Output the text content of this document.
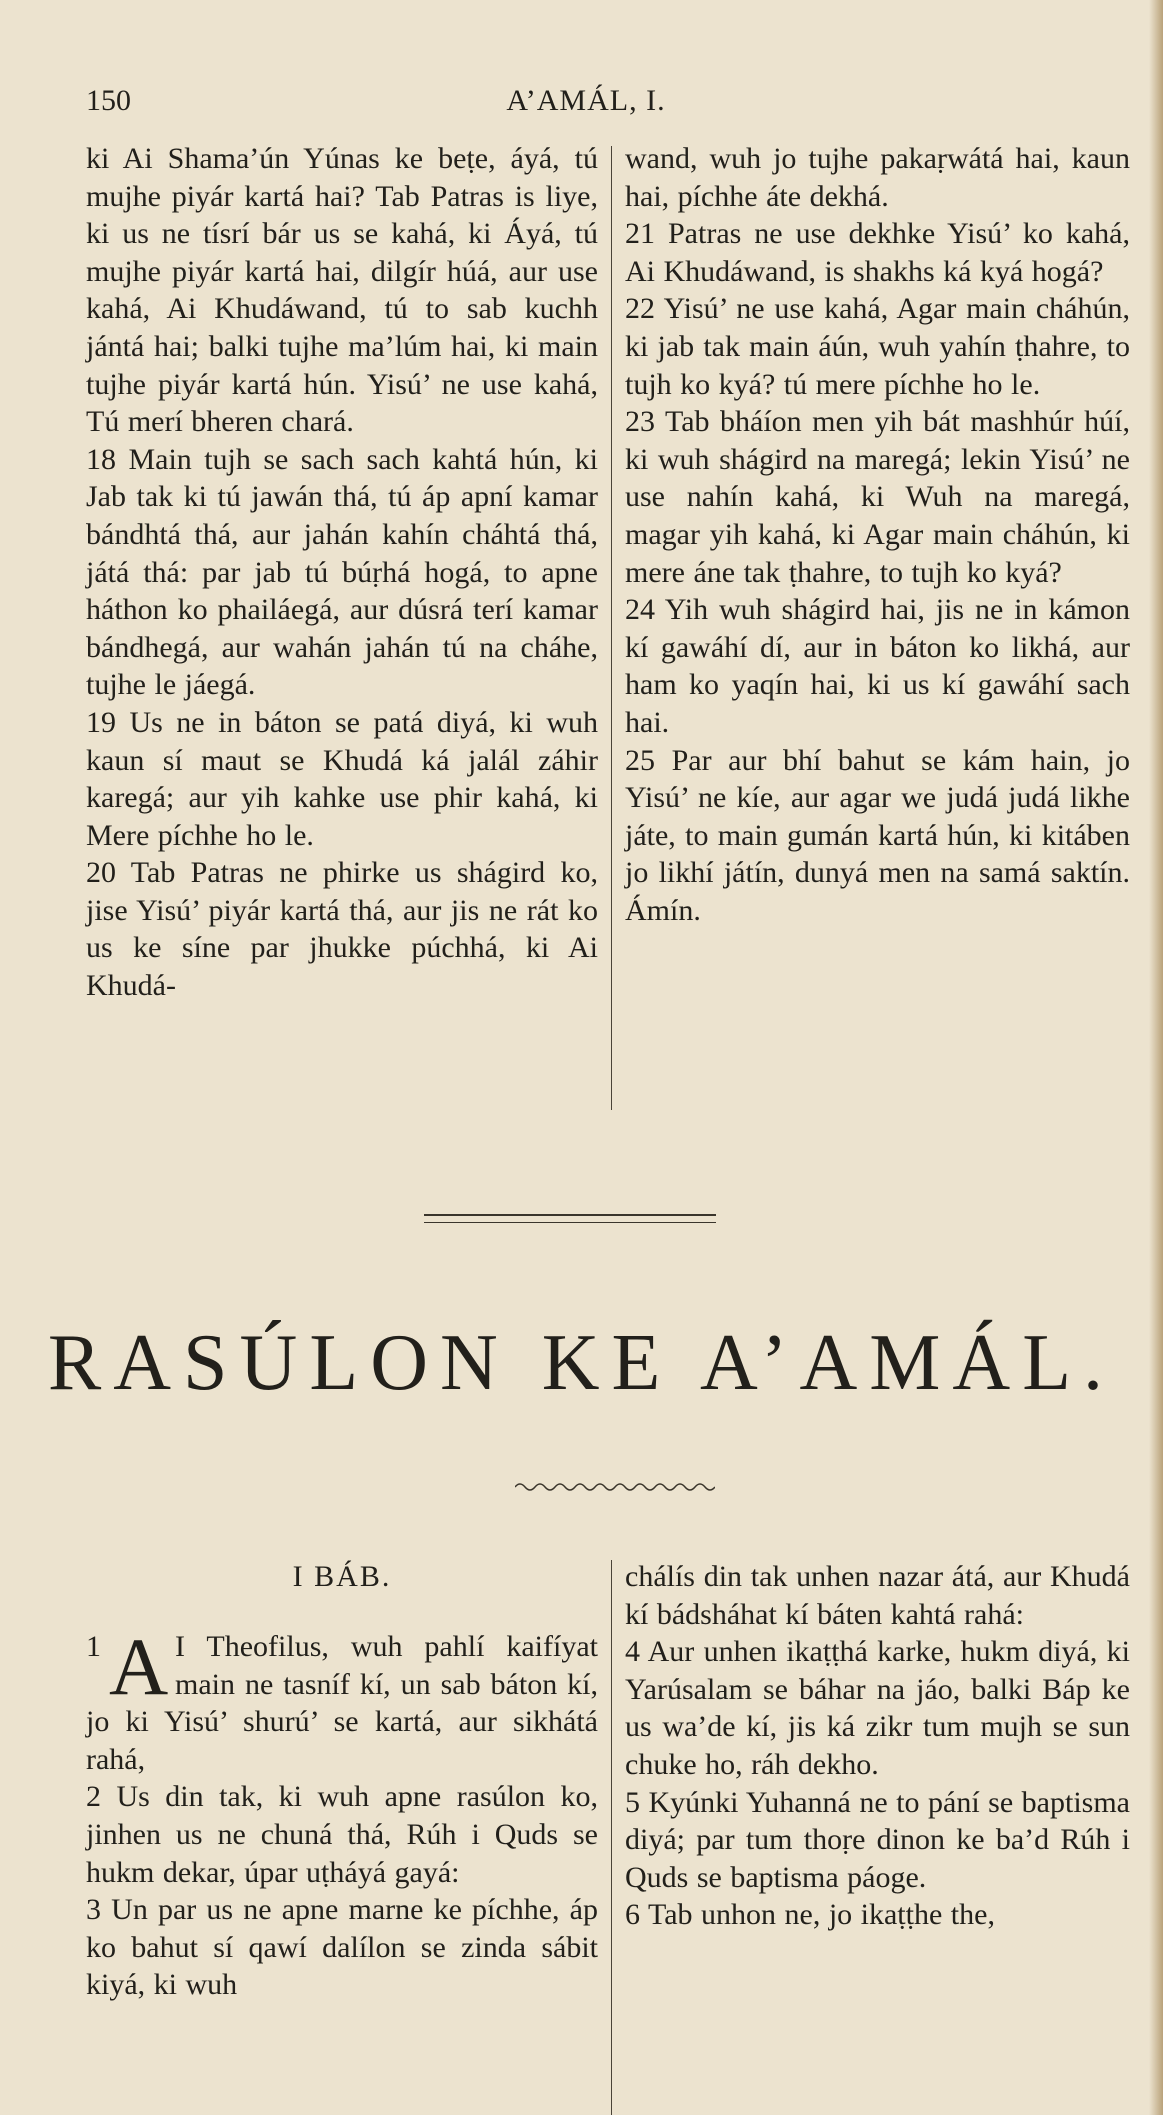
150	A’AMÁL, I.

ki Ai Shama’ún Yúnas ke beṭe, áyá, tú mujhe piyár kartá hai? Tab Patras is liye, ki us ne tísrí bár us se kahá, ki Áyá, tú mujhe piyár kartá hai, dilgír húá, aur use kahá, Ai Khudáwand, tú to sab kuchh jántá hai; balki tujhe ma’lúm hai, ki main tujhe piyár kartá hún. Yisú’ ne use kahá, Tú merí bheren chará.

18 Main tujh se sach sach kahtá hún, ki Jab tak ki tú jawán thá, tú áp apní kamar bándhtá thá, aur jahán kahín cháhtá thá, játá thá: par jab tú búṛhá hogá, to apne háthon ko phailáegá, aur dúsrá terí kamar bándhegá, aur wahán jahán tú na cháhe, tujhe le jáegá.

19 Us ne in báton se patá diyá, ki wuh kaun sí maut se Khudá ká jalál záhir karegá; aur yih kahke use phir kahá, ki Mere píchhe ho le.

20 Tab Patras ne phirke us shágird ko, jise Yisú’ piyár kartá thá, aur jis ne rát ko us ke síne par jhukke púchhá, ki Ai Khudá-

wand, wuh jo tujhe pakaṛwátá hai, kaun hai, píchhe áte dekhá.

21 Patras ne use dekhke Yisú’ ko kahá, Ai Khudáwand, is shakhs ká kyá hogá?

22 Yisú’ ne use kahá, Agar main cháhún, ki jab tak main áún, wuh yahín ṭhahre, to tujh ko kyá? tú mere píchhe ho le.

23 Tab bháíon men yih bát mashhúr húí, ki wuh shágird na maregá; lekin Yisú’ ne use nahín kahá, ki Wuh na maregá, magar yih kahá, ki Agar main cháhún, ki mere áne tak ṭhahre, to tujh ko kyá?

24 Yih wuh shágird hai, jis ne in kámon kí gawáhí dí, aur in báton ko likhá, aur ham ko yaqín hai, ki us kí gawáhí sach hai.

25 Par aur bhí bahut se kám hain, jo Yisú’ ne kíe, aur agar we judá judá likhe játe, to main gumán kartá hún, ki kitáben jo likhí játín, dunyá men na samá saktín. Ámín.

RASÚLON KE A’AMÁL.
I BÁB.

1 A I Theofilus, wuh pahlí kaifíyat main ne tasníf kí, un sab báton kí, jo ki Yisú’ shurú’ se kartá, aur sikhátá rahá,

2 Us din tak, ki wuh apne rasúlon ko, jinhen us ne chuná thá, Rúh i Quds se hukm dekar, úpar uṭháyá gayá:

3 Un par us ne apne marne ke píchhe, áp ko bahut sí qawí dalílon se zinda sábit kiyá, ki wuh

chálís din tak unhen nazar átá, aur Khudá kí bádsháhat kí báten kahtá rahá:

4 Aur unhen ikaṭṭhá karke, hukm diyá, ki Yarúsalam se báhar na jáo, balki Báp ke us wa’de kí, jis ká zikr tum mujh se sun chuke ho, ráh dekho.

5 Kyúnki Yuhanná ne to pání se baptisma diyá; par tum thoṛe dinon ke ba’d Rúh i Quds se baptisma páoge.

6 Tab unhon ne, jo ikaṭṭhe the,
